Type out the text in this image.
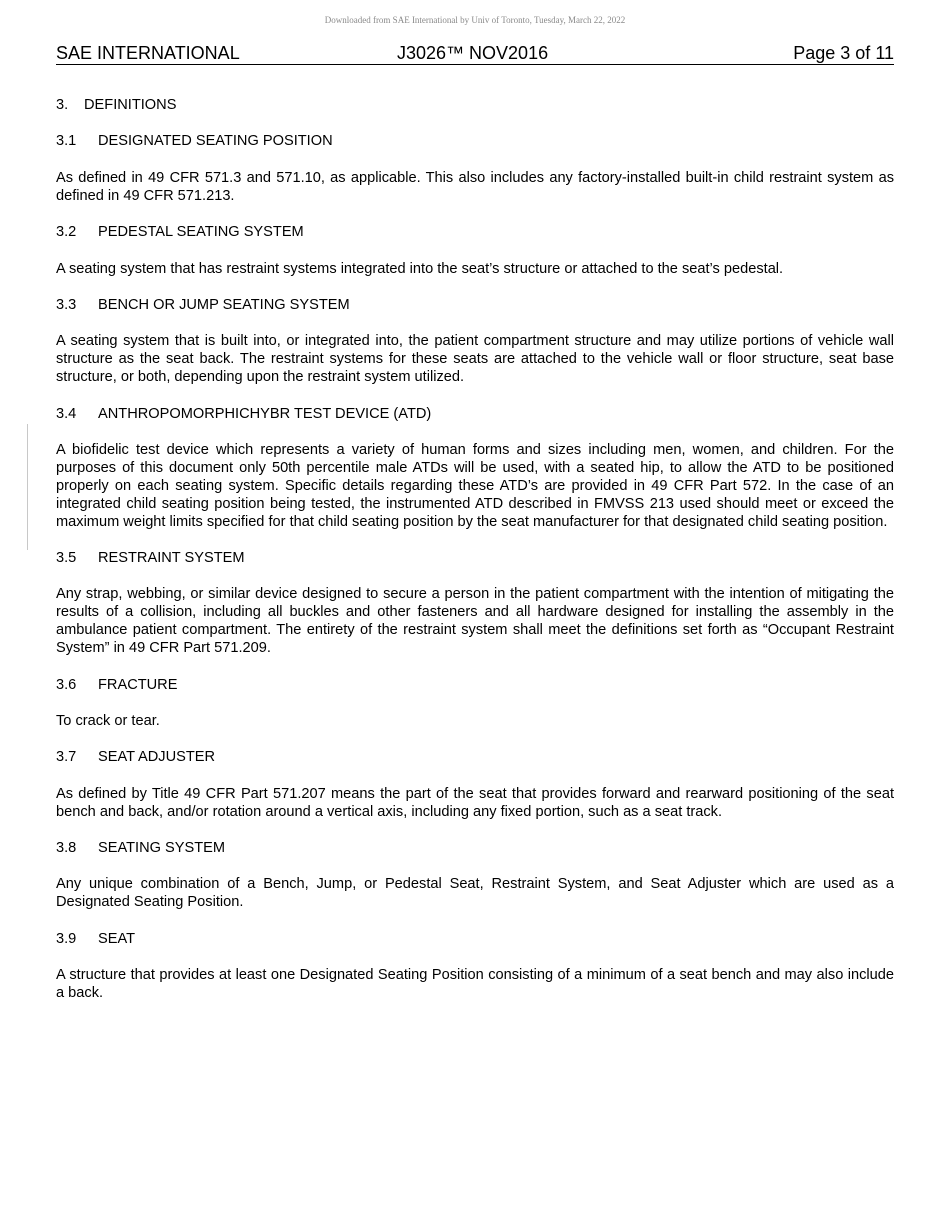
Downloaded from SAE International by Univ of Toronto, Tuesday, March 22, 2022
SAE INTERNATIONAL	J3026™ NOV2016	Page 3 of 11
3. DEFINITIONS
3.1 DESIGNATED SEATING POSITION

As defined in 49 CFR 571.3 and 571.10, as applicable. This also includes any factory-installed built-in child restraint system as defined in 49 CFR 571.213.

3.2 PEDESTAL SEATING SYSTEM

A seating system that has restraint systems integrated into the seat’s structure or attached to the seat’s pedestal.

3.3 BENCH OR JUMP SEATING SYSTEM

A seating system that is built into, or integrated into, the patient compartment structure and may utilize portions of vehicle wall structure as the seat back. The restraint systems for these seats are attached to the vehicle wall or floor structure, seat base structure, or both, depending upon the restraint system utilized.

3.4 ANTHROPOMORPHICHYBR TEST DEVICE (ATD)

A biofidelic test device which represents a variety of human forms and sizes including men, women, and children. For the purposes of this document only 50th percentile male ATDs will be used, with a seated hip, to allow the ATD to be positioned properly on each seating system. Specific details regarding these ATD’s are provided in 49 CFR Part 572. In the case of an integrated child seating position being tested, the instrumented ATD described in FMVSS 213 used should meet or exceed the maximum weight limits specified for that child seating position by the seat manufacturer for that designated child seating position.

3.5 RESTRAINT SYSTEM

Any strap, webbing, or similar device designed to secure a person in the patient compartment with the intention of mitigating the results of a collision, including all buckles and other fasteners and all hardware designed for installing the assembly in the ambulance patient compartment. The entirety of the restraint system shall meet the definitions set forth as “Occupant Restraint System” in 49 CFR Part 571.209.

3.6 FRACTURE

To crack or tear.

3.7 SEAT ADJUSTER

As defined by Title 49 CFR Part 571.207 means the part of the seat that provides forward and rearward positioning of the seat bench and back, and/or rotation around a vertical axis, including any fixed portion, such as a seat track.

3.8 SEATING SYSTEM

Any unique combination of a Bench, Jump, or Pedestal Seat, Restraint System, and Seat Adjuster which are used as a Designated Seating Position.

3.9 SEAT

A structure that provides at least one Designated Seating Position consisting of a minimum of a seat bench and may also include a back.
